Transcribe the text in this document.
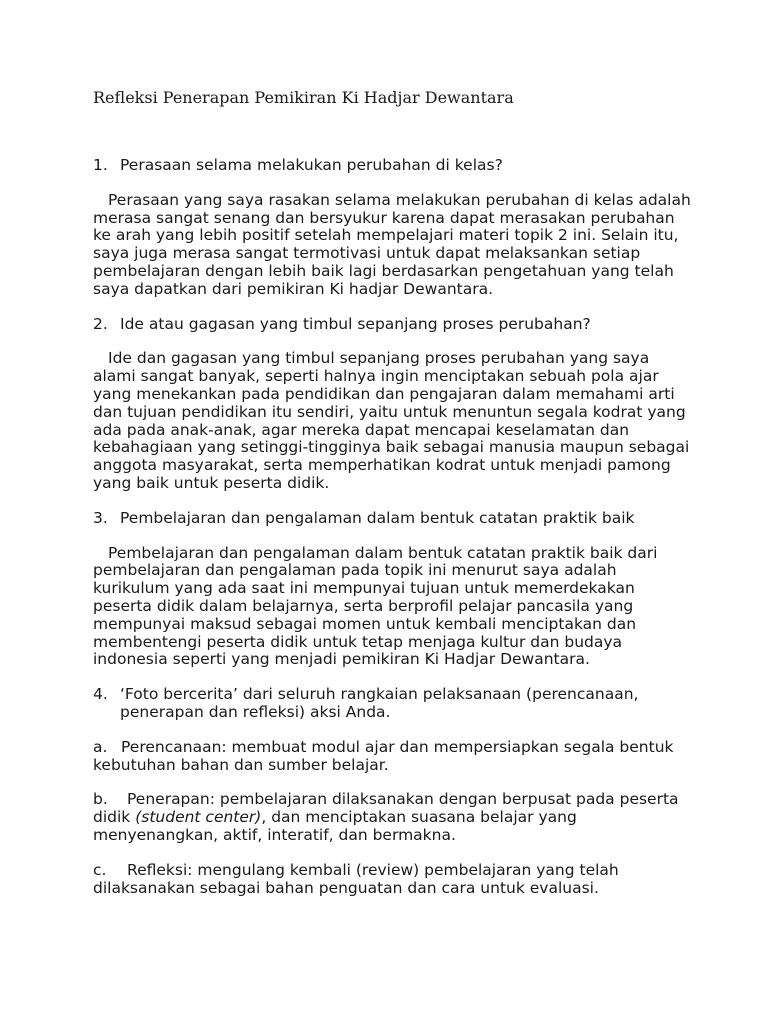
Refleksi Penerapan Pemikiran Ki Hadjar Dewantara
1. Perasaan selama melakukan perubahan di kelas?

Perasaan yang saya rasakan selama melakukan perubahan di kelas adalah merasa sangat senang dan bersyukur karena dapat merasakan perubahan ke arah yang lebih positif setelah mempelajari materi topik 2 ini. Selain itu, saya juga merasa sangat termotivasi untuk dapat melaksankan setiap pembelajaran dengan lebih baik lagi berdasarkan pengetahuan yang telah saya dapatkan dari pemikiran Ki hadjar Dewantara.

2. Ide atau gagasan yang timbul sepanjang proses perubahan?

Ide dan gagasan yang timbul sepanjang proses perubahan yang saya alami sangat banyak, seperti halnya ingin menciptakan sebuah pola ajar yang menekankan pada pendidikan dan pengajaran dalam memahami arti dan tujuan pendidikan itu sendiri, yaitu untuk menuntun segala kodrat yang ada pada anak-anak, agar mereka dapat mencapai keselamatan dan kebahagiaan yang setinggi-tingginya baik sebagai manusia maupun sebagai anggota masyarakat, serta memperhatikan kodrat untuk menjadi pamong yang baik untuk peserta didik.

3. Pembelajaran dan pengalaman dalam bentuk catatan praktik baik

Pembelajaran dan pengalaman dalam bentuk catatan praktik baik dari pembelajaran dan pengalaman pada topik ini menurut saya adalah kurikulum yang ada saat ini mempunyai tujuan untuk memerdekakan peserta didik dalam belajarnya, serta berprofil pelajar pancasila yang mempunyai maksud sebagai momen untuk kembali menciptakan dan membentengi peserta didik untuk tetap menjaga kultur dan budaya indonesia seperti yang menjadi pemikiran Ki Hadjar Dewantara.

4. ‘Foto bercerita’ dari seluruh rangkaian pelaksanaan (perencanaan, penerapan dan refleksi) aksi Anda.

a. Perencanaan: membuat modul ajar dan mempersiapkan segala bentuk kebutuhan bahan dan sumber belajar.

b. Penerapan: pembelajaran dilaksanakan dengan berpusat pada peserta didik (student center), dan menciptakan suasana belajar yang menyenangkan, aktif, interatif, dan bermakna.

c. Refleksi: mengulang kembali (review) pembelajaran yang telah dilaksanakan sebagai bahan penguatan dan cara untuk evaluasi.
